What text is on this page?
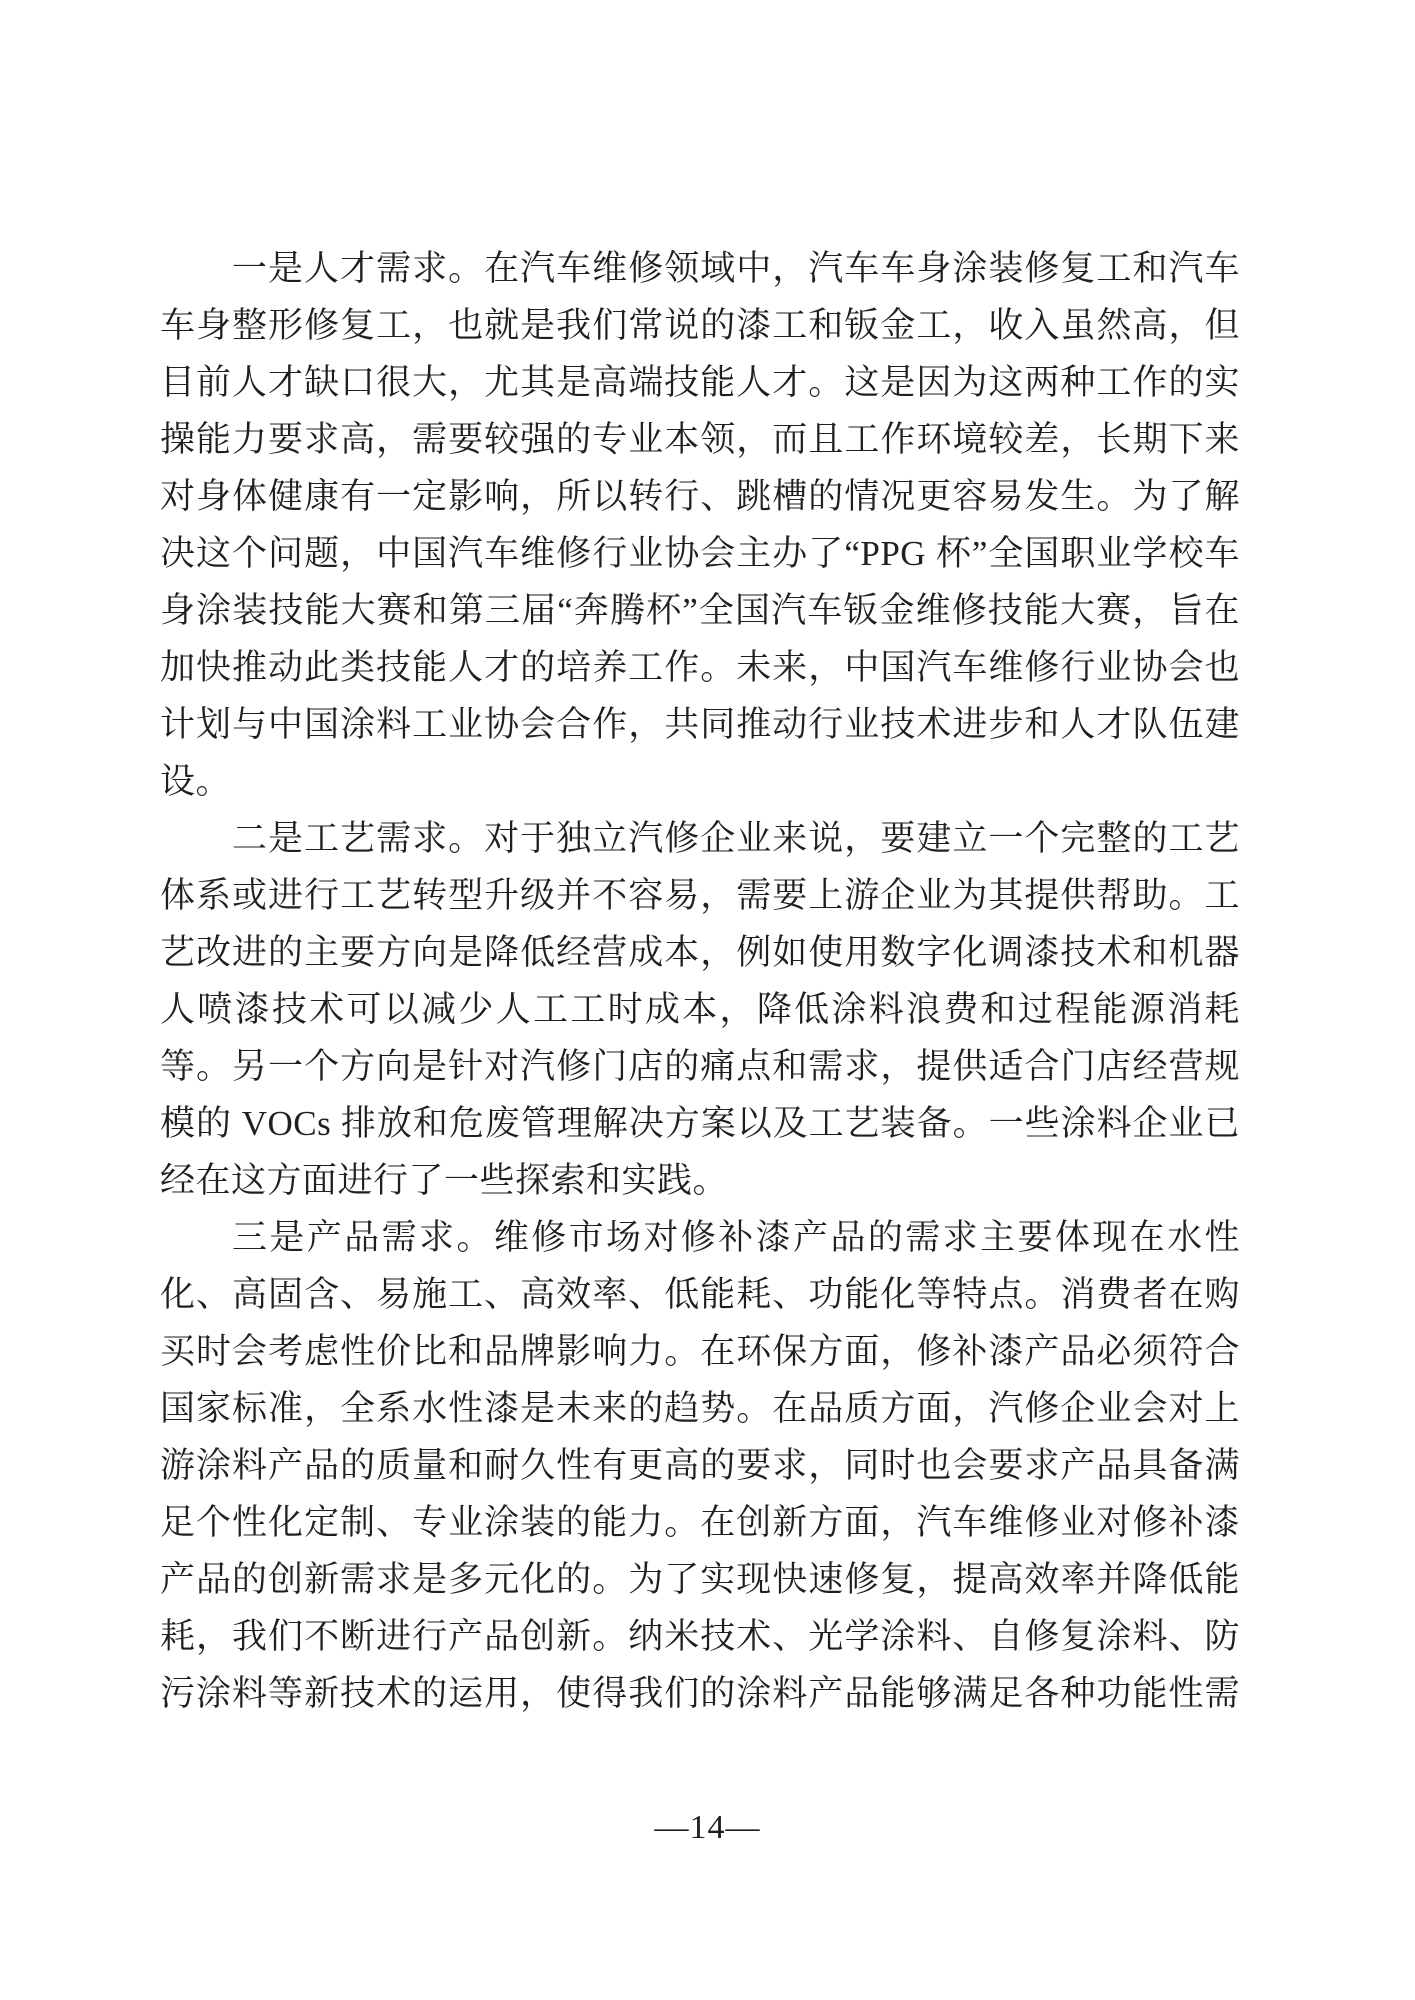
一是人才需求。在汽车维修领域中，汽车车身涂装修复工和汽车
车身整形修复工，也就是我们常说的漆工和钣金工，收入虽然高，但
目前人才缺口很大，尤其是高端技能人才。这是因为这两种工作的实
操能力要求高，需要较强的专业本领，而且工作环境较差，长期下来
对身体健康有一定影响，所以转行、跳槽的情况更容易发生。为了解
决这个问题，中国汽车维修行业协会主办了“PPG 杯”全国职业学校车
身涂装技能大赛和第三届“奔腾杯”全国汽车钣金维修技能大赛，旨在
加快推动此类技能人才的培养工作。未来，中国汽车维修行业协会也
计划与中国涂料工业协会合作，共同推动行业技术进步和人才队伍建
设。
二是工艺需求。对于独立汽修企业来说，要建立一个完整的工艺
体系或进行工艺转型升级并不容易，需要上游企业为其提供帮助。工
艺改进的主要方向是降低经营成本，例如使用数字化调漆技术和机器
人喷漆技术可以减少人工工时成本，降低涂料浪费和过程能源消耗
等。另一个方向是针对汽修门店的痛点和需求，提供适合门店经营规
模的 VOCs 排放和危废管理解决方案以及工艺装备。一些涂料企业已
经在这方面进行了一些探索和实践。
三是产品需求。维修市场对修补漆产品的需求主要体现在水性
化、高固含、易施工、高效率、低能耗、功能化等特点。消费者在购
买时会考虑性价比和品牌影响力。在环保方面，修补漆产品必须符合
国家标准，全系水性漆是未来的趋势。在品质方面，汽修企业会对上
游涂料产品的质量和耐久性有更高的要求，同时也会要求产品具备满
足个性化定制、专业涂装的能力。在创新方面，汽车维修业对修补漆
产品的创新需求是多元化的。为了实现快速修复，提高效率并降低能
耗，我们不断进行产品创新。纳米技术、光学涂料、自修复涂料、防
污涂料等新技术的运用，使得我们的涂料产品能够满足各种功能性需
—14—
